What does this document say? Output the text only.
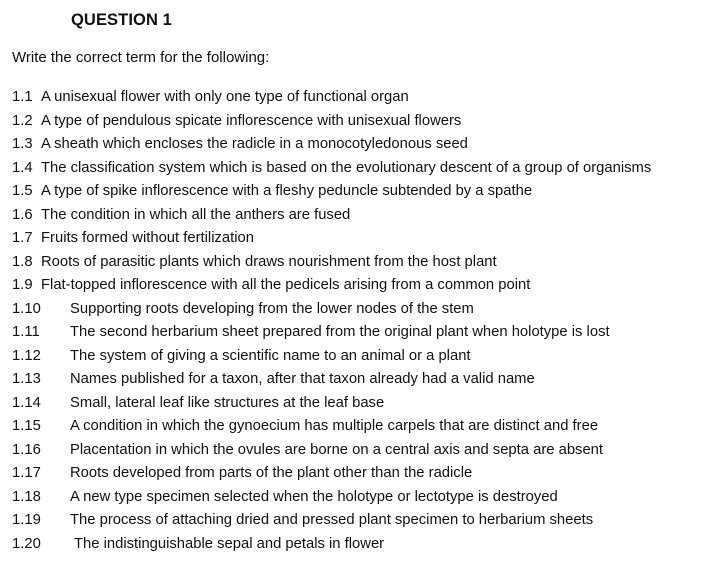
QUESTION 1
Write the correct term for the following:
1.1 A unisexual flower with only one type of functional organ
1.2 A type of pendulous spicate inflorescence with unisexual flowers
1.3 A sheath which encloses the radicle in a monocotyledonous seed
1.4 The classification system which is based on the evolutionary descent of a group of organisms
1.5 A type of spike inflorescence with a fleshy peduncle subtended by a spathe
1.6 The condition in which all the anthers are fused
1.7 Fruits formed without fertilization
1.8 Roots of parasitic plants which draws nourishment from the host plant
1.9 Flat-topped inflorescence with all the pedicels arising from a common point
1.10 Supporting roots developing from the lower nodes of the stem
1.11 The second herbarium sheet prepared from the original plant when holotype is lost
1.12 The system of giving a scientific name to an animal or a plant
1.13 Names published for a taxon, after that taxon already had a valid name
1.14 Small, lateral leaf like structures at the leaf base
1.15 A condition in which the gynoecium has multiple carpels that are distinct and free
1.16 Placentation in which the ovules are borne on a central axis and septa are absent
1.17 Roots developed from parts of the plant other than the radicle
1.18 A new type specimen selected when the holotype or lectotype is destroyed
1.19 The process of attaching dried and pressed plant specimen to herbarium sheets
1.20 The indistinguishable sepal and petals in flower
